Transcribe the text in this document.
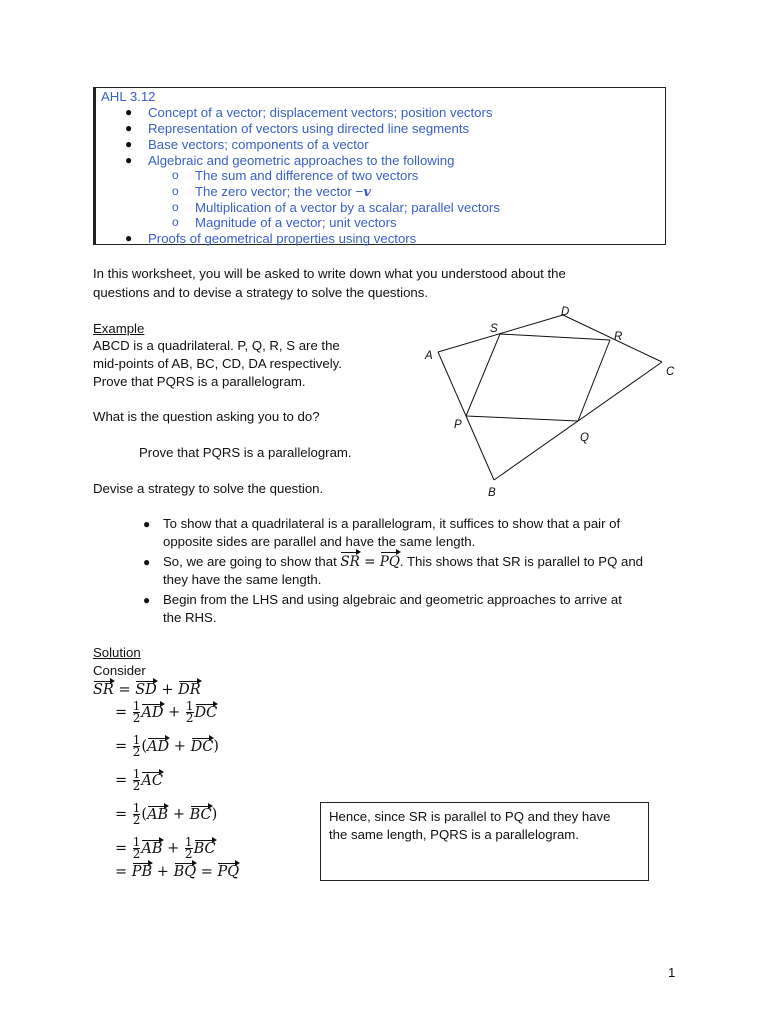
AHL 3.12
● Concept of a vector; displacement vectors; position vectors
● Representation of vectors using directed line segments
● Base vectors; components of a vector
● Algebraic and geometric approaches to the following
o The sum and difference of two vectors
o The zero vector; the vector −v
o Multiplication of a vector by a scalar; parallel vectors
o Magnitude of a vector; unit vectors
● Proofs of geometrical properties using vectors
In this worksheet, you will be asked to write down what you understood about the
questions and to devise a strategy to solve the questions.
Example
ABCD is a quadrilateral. P, Q, R, S are the
mid-points of AB, BC, CD, DA respectively.
Prove that PQRS is a parallelogram.
What is the question asking you to do?
Prove that PQRS is a parallelogram.
Devise a strategy to solve the question.
A
B
C
D
P
Q
R
S
● To show that a quadrilateral is a parallelogram, it suffices to show that a pair of
opposite sides are parallel and have the same length.
● So, we are going to show that SR = PQ. This shows that SR is parallel to PQ and
they have the same length.
● Begin from the LHS and using algebraic and geometric approaches to arrive at
the RHS.
Solution
Consider
SR = SD + DR
= $\frac{1}{2}$ AD + $\frac{1}{2}$ DC
= $\frac{1}{2} (AD + DC)$
= $\frac{1}{2}$ AC
= $\frac{1}{2} (AB + BC)$
= $\frac{1}{2}$ AB + $\frac{1}{2}$ BC
= PB + BQ = PQ
Hence, since SR is parallel to PQ and they have
the same length, PQRS is a parallelogram.
1
